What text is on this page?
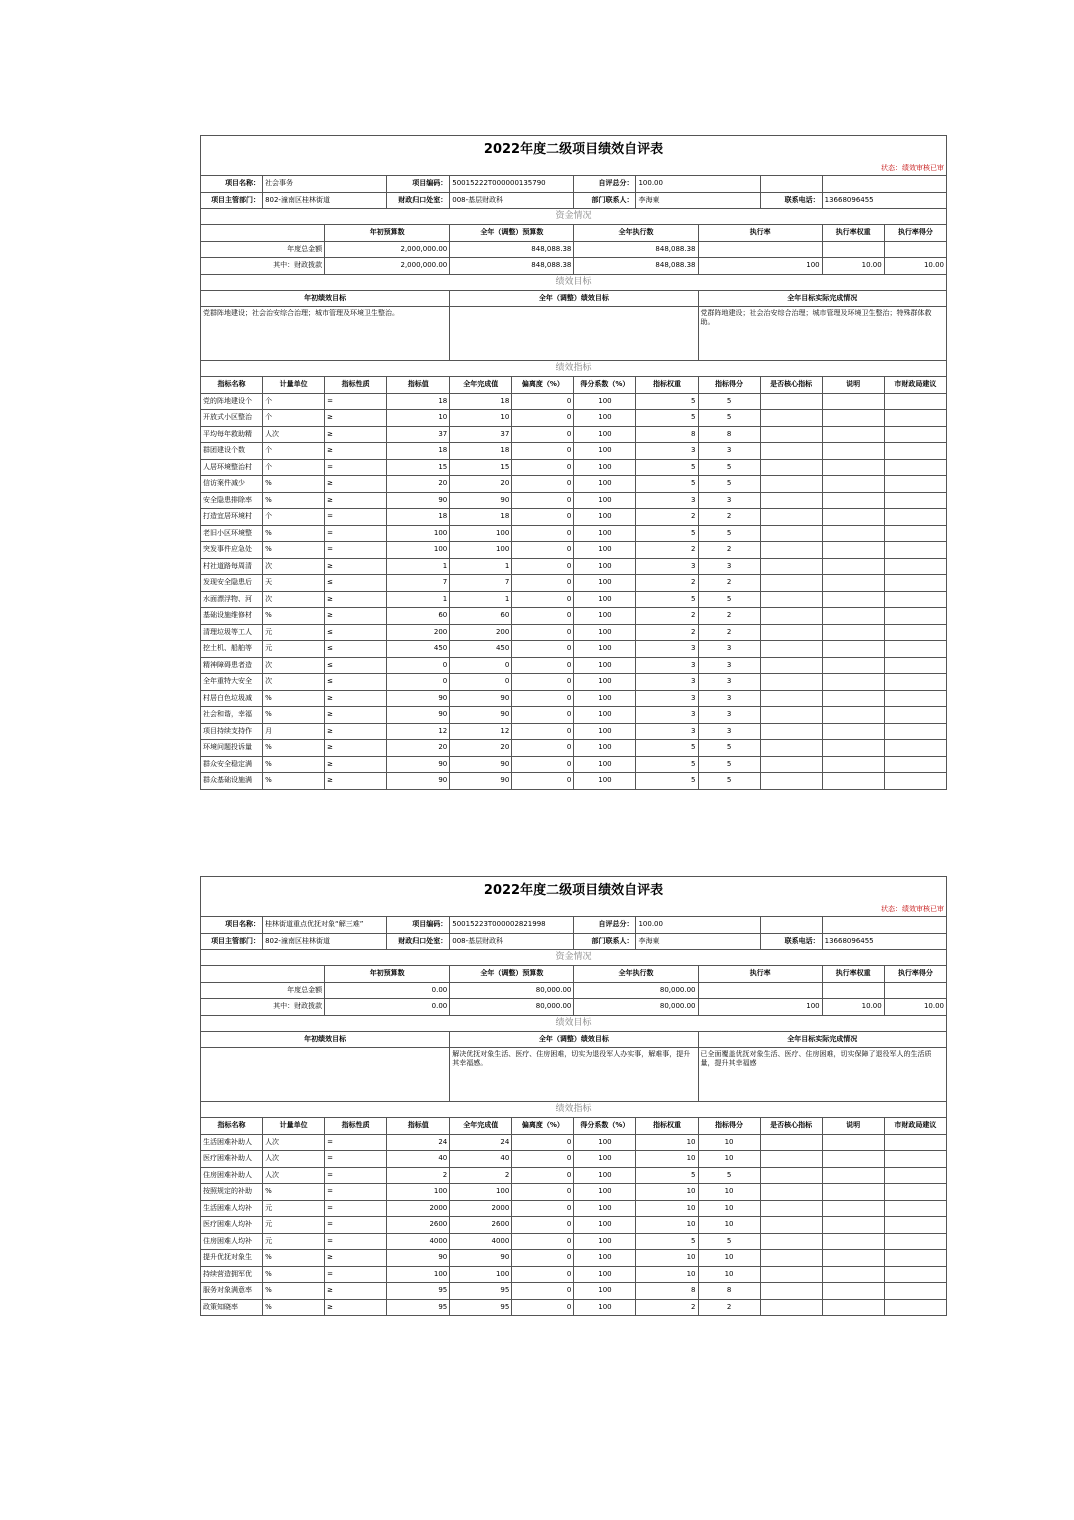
2022年度二级项目绩效自评表											
状态：绩效审核已审											
项目名称：	社会事务		项目编码：	50015222T000000135790		自评总分：	100.00				
项目主管部门：	802-潼南区桂林街道		财政归口处室：	008-基层财政科		部门联系人：	李海東		联系电话：	13668096455	
资金情况											
		年初预算数		全年（调整）预算数		全年执行数		执行率		执行率权重	执行率得分
年度总金额		2,000,000.00		848,088.38		848,088.38					
其中：财政拨款		2,000,000.00		848,088.38		848,088.38		100		10.00	10.00
绩效目标											
年初绩效目标				全年（调整）绩效目标				全年目标实际完成情况			
党群阵地建设；社会治安综合治理；城市管理及环境卫生整治。								党群阵地建设；社会治安综合治理；城市管理及环境卫生整治；特殊群体救助。			
绩效指标											
指标名称	计量单位	指标性质	指标值	全年完成值	偏离度（%）	得分系数（%）	指标权重	指标得分	是否核心指标	说明	市财政局建议
党的阵地建设个	个	=	18	18	0	100	5	5			
开放式小区整治	个	≥	10	10	0	100	5	5			
平均每年救助精	人次	≥	37	37	0	100	8	8			
群团建设个数	个	≥	18	18	0	100	3	3			
人居环境整治村	个	=	15	15	0	100	5	5			
信访案件减少	%	≥	20	20	0	100	5	5			
安全隐患排除率	%	≥	90	90	0	100	3	3			
打造宜居环境村	个	=	18	18	0	100	2	2			
老旧小区环境整	%	=	100	100	0	100	5	5			
突发事件应急处	%	=	100	100	0	100	2	2			
村社道路每周清	次	≥	1	1	0	100	3	3			
发现安全隐患后	天	≤	7	7	0	100	2	2			
水面漂浮物、河	次	≥	1	1	0	100	5	5			
基础设施维修材	%	≥	60	60	0	100	2	2			
清理垃圾等工人	元	≤	200	200	0	100	2	2			
挖土机、船舶等	元	≤	450	450	0	100	3	3			
精神障碍患者造	次	≤	0	0	0	100	3	3			
全年重特大安全	次	≤	0	0	0	100	3	3			
村居白色垃圾减	%	≥	90	90	0	100	3	3			
社会和谐，幸福	%	≥	90	90	0	100	3	3			
项目持续支持作	月	≥	12	12	0	100	3	3			
环境问题投诉量	%	≥	20	20	0	100	5	5			
群众安全稳定满	%	≥	90	90	0	100	5	5			
群众基础设施满	%	≥	90	90	0	100	5	5			
2022年度二级项目绩效自评表											
状态：绩效审核已审											
项目名称：	桂林街道重点优抚对象“解三难”		项目编码：	50015223T000002821998		自评总分：	100.00				
项目主管部门：	802-潼南区桂林街道		财政归口处室：	008-基层财政科		部门联系人：	李海東		联系电话：	13668096455	
资金情况											
		年初预算数		全年（调整）预算数		全年执行数		执行率		执行率权重	执行率得分
年度总金额		0.00		80,000.00		80,000.00					
其中：财政拨款		0.00		80,000.00		80,000.00		100		10.00	10.00
绩效目标											
年初绩效目标				全年（调整）绩效目标				全年目标实际完成情况			
				解决优抚对象生活、医疗、住房困难，切实为退役军人办实事，解难事，提升其幸福感。				已全面覆盖优抚对象生活、医疗、住房困难，切实保障了退役军人的生活质量，提升其幸福感			
绩效指标											
指标名称	计量单位	指标性质	指标值	全年完成值	偏离度（%）	得分系数（%）	指标权重	指标得分	是否核心指标	说明	市财政局建议
生活困难补助人	人次	=	24	24	0	100	10	10			
医疗困难补助人	人次	=	40	40	0	100	10	10			
住房困难补助人	人次	=	2	2	0	100	5	5			
按照规定的补助	%	=	100	100	0	100	10	10			
生活困难人均补	元	=	2000	2000	0	100	10	10			
医疗困难人均补	元	=	2600	2600	0	100	10	10			
住房困难人均补	元	=	4000	4000	0	100	5	5			
提升优抚对象生	%	≥	90	90	0	100	10	10			
持续营造拥军优	%	=	100	100	0	100	10	10			
服务对象满意率	%	≥	95	95	0	100	8	8			
政策知晓率	%	≥	95	95	0	100	2	2			
